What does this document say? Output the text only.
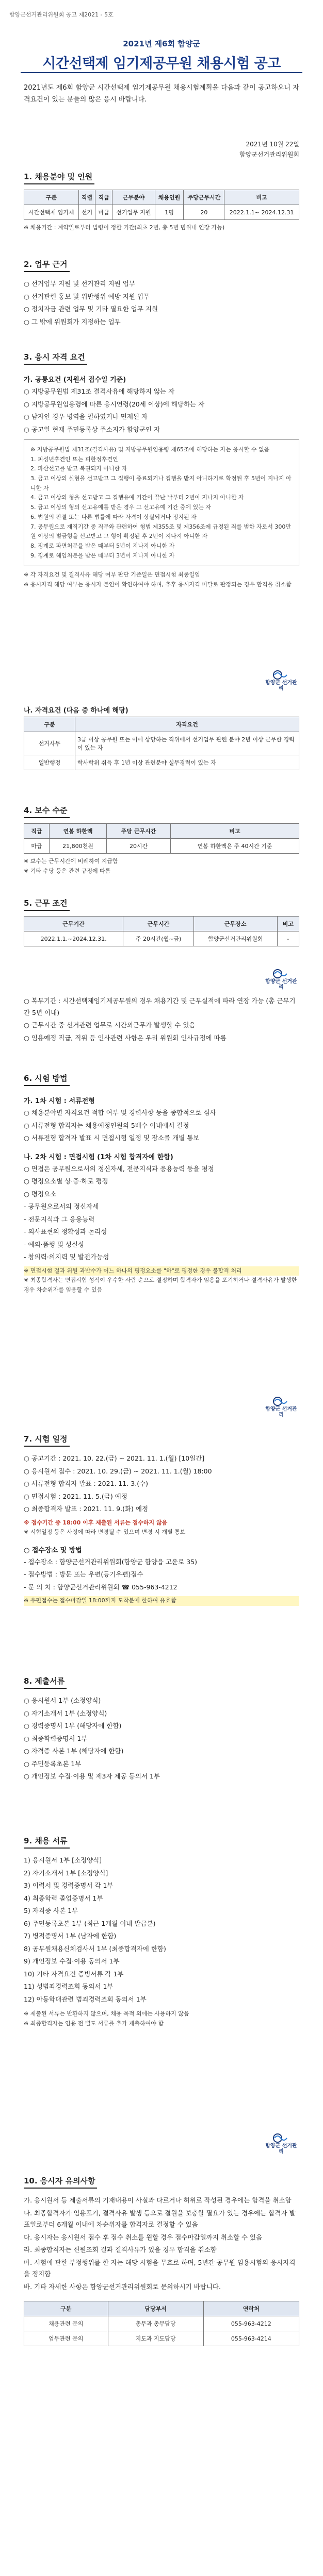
함양군선거관리위원회 공고 제2021 - 5호
2021년 제6회 함양군
시간선택제 임기제공무원 채용시험 공고
2021년도 제6회 함양군 시간선택제 임기제공무원 채용시험계획을 다음과 같이 공고하오니 자격요건이 있는 분들의 많은 응시 바랍니다.
2021년 10월 22일
함양군선거관리위원회
1. 채용분야 및 인원
구분	직렬	직급	근무분야	채용인원	주당근무시간	비고
시간선택제 임기제	선거	마급	선거업무 지원	1명	20	2022.1.1~ 2024.12.31
※ 채용기간 : 계약일로부터 법령이 정한 기간(최초 2년, 총 5년 범위내 연장 가능)
2. 업무 근거
○ 선거업무 지원 및 선거관리 지원 업무
○ 선거관련 홍보 및 위반행위 예방 지원 업무
○ 정치자금 관련 업무 및 기타 필요한 업무 지원
○ 그 밖에 위원회가 지정하는 업무
3. 응시 자격 요건
가. 공통요건 (지원서 접수일 기준)
○ 지방공무원법 제31조 결격사유에 해당하지 않는 자
○ 지방공무원임용령에 따른 응시연령(20세 이상)에 해당하는 자
○ 남자인 경우 병역을 필하였거나 면제된 자
○ 공고일 현재 주민등록상 주소지가 함양군인 자
※ 지방공무원법 제31조(결격사유) 및 지방공무원임용령 제65조에 해당하는 자는 응시할 수 없음
1. 피성년후견인 또는 피한정후견인
2. 파산선고를 받고 복권되지 아니한 자
3. 금고 이상의 실형을 선고받고 그 집행이 종료되거나 집행을 받지 아니하기로 확정된 후 5년이 지나지 아니한 자
4. 금고 이상의 형을 선고받고 그 집행유예 기간이 끝난 날부터 2년이 지나지 아니한 자
5. 금고 이상의 형의 선고유예를 받은 경우 그 선고유예 기간 중에 있는 자
6. 법원의 판결 또는 다른 법률에 따라 자격이 상실되거나 정지된 자
7. 공무원으로 재직기간 중 직무와 관련하여 형법 제355조 및 제356조에 규정된 죄를 범한 자로서 300만원 이상의 벌금형을 선고받고 그 형이 확정된 후 2년이 지나지 아니한 자
8. 징계로 파면처분을 받은 때부터 5년이 지나지 아니한 자
9. 징계로 해임처분을 받은 때부터 3년이 지나지 아니한 자
※ 각 자격요건 및 결격사유 해당 여부 판단 기준일은 면접시험 최종일임
※ 응시자격 해당 여부는 응시자 본인이 확인하여야 하며, 추후 응시자격 미달로 판정되는 경우 합격을 취소함
함양군 선거관리
나. 자격요건 (다음 중 하나에 해당)
구분	자격요건
선거사무	3급 이상 공무원 또는 이에 상당하는 직위에서 선거업무 관련 분야 2년 이상 근무한 경력이 있는 자
일반행정	학사학위 취득 후 1년 이상 관련분야 실무경력이 있는 자
4. 보수 수준
직급	연봉 하한액	주당 근무시간	비고
마급	21,800천원	20시간	연봉 하한액은 주 40시간 기준
※ 보수는 근무시간에 비례하여 지급함
※ 기타 수당 등은 관련 규정에 따름
5. 근무 조건
근무기간	근무시간	근무장소	비고
2022.1.1.~2024.12.31.	주 20시간(월~금)	함양군선거관리위원회	-
함양군 선거관리
○ 복무기간 : 시간선택제임기제공무원의 경우 채용기간 및 근무실적에 따라 연장 가능 (총 근무기간 5년 이내)
○ 근무시간 중 선거관련 업무로 시간외근무가 발생할 수 있음
○ 임용예정 직급, 직위 등 인사관련 사항은 우리 위원회 인사규정에 따름
6. 시험 방법
가. 1차 시험 : 서류전형
○ 채용분야별 자격요건 적합 여부 및 경력사항 등을 종합적으로 심사
○ 서류전형 합격자는 채용예정인원의 5배수 이내에서 결정
○ 서류전형 합격자 발표 시 면접시험 일정 및 장소를 개별 통보
나. 2차 시험 : 면접시험 (1차 시험 합격자에 한함)
○ 면접은 공무원으로서의 정신자세, 전문지식과 응용능력 등을 평정
○ 평정요소별 상·중·하로 평정
○ 평정요소
- 공무원으로서의 정신자세
- 전문지식과 그 응용능력
- 의사표현의 정확성과 논리성
- 예의·품행 및 성실성
- 창의력·의지력 및 발전가능성
※ 면접시험 결과 위원 과반수가 어느 하나의 평정요소를 "하"로 평정한 경우 불합격 처리
※ 최종합격자는 면접시험 성적이 우수한 사람 순으로 결정하며 합격자가 임용을 포기하거나 결격사유가 발생한 경우 차순위자를 임용할 수 있음
함양군 선거관리
7. 시험 일정
○ 공고기간 : 2021. 10. 22.(금) ~ 2021. 11. 1.(월) [10일간]
○ 응시원서 접수 : 2021. 10. 29.(금) ~ 2021. 11. 1.(월) 18:00
○ 서류전형 합격자 발표 : 2021. 11. 3.(수)
○ 면접시험 : 2021. 11. 5.(금) 예정
○ 최종합격자 발표 : 2021. 11. 9.(화) 예정
※ 접수기간 중 18:00 이후 제출된 서류는 접수하지 않음
※ 시험일정 등은 사정에 따라 변경될 수 있으며 변경 시 개별 통보
○ 접수장소 및 방법
- 접수장소 : 함양군선거관리위원회(함양군 함양읍 고운로 35)
- 접수방법 : 방문 또는 우편(등기우편)접수
- 문 의 처 : 함양군선거관리위원회 ☎ 055-963-4212
※ 우편접수는 접수마감일 18:00까지 도착분에 한하여 유효함
8. 제출서류
○ 응시원서 1부 (소정양식)
○ 자기소개서 1부 (소정양식)
○ 경력증명서 1부 (해당자에 한함)
○ 최종학력증명서 1부
○ 자격증 사본 1부 (해당자에 한함)
○ 주민등록초본 1부
○ 개인정보 수집·이용 및 제3자 제공 동의서 1부
9. 채용 서류
1) 응시원서 1부 [소정양식]
2) 자기소개서 1부 [소정양식]
3) 이력서 및 경력증명서 각 1부
4) 최종학력 졸업증명서 1부
5) 자격증 사본 1부
6) 주민등록초본 1부 (최근 1개월 이내 발급분)
7) 병적증명서 1부 (남자에 한함)
8) 공무원채용신체검사서 1부 (최종합격자에 한함)
9) 개인정보 수집·이용 동의서 1부
10) 기타 자격요건 증빙서류 각 1부
11) 성범죄경력조회 동의서 1부
12) 아동학대관련 범죄경력조회 동의서 1부
※ 제출된 서류는 반환하지 않으며, 채용 목적 외에는 사용하지 않음
※ 최종합격자는 임용 전 별도 서류를 추가 제출하여야 함
함양군 선거관리
10. 응시자 유의사항
가. 응시원서 등 제출서류의 기재내용이 사실과 다르거나 허위로 작성된 경우에는 합격을 취소함
나. 최종합격자가 임용포기, 결격사유 발생 등으로 결원을 보충할 필요가 있는 경우에는 합격자 발표일로부터 6개월 이내에 차순위자를 합격자로 결정할 수 있음
다. 응시자는 응시원서 접수 후 접수 취소를 원할 경우 접수마감일까지 취소할 수 있음
라. 최종합격자는 신원조회 결과 결격사유가 있을 경우 합격을 취소함
마. 시험에 관한 부정행위를 한 자는 해당 시험을 무효로 하며, 5년간 공무원 임용시험의 응시자격을 정지함
바. 기타 자세한 사항은 함양군선거관리위원회로 문의하시기 바랍니다.
구분	담당부서	연락처
채용관련 문의	총무과 총무담당	055-963-4212
업무관련 문의	지도과 지도담당	055-963-4214
